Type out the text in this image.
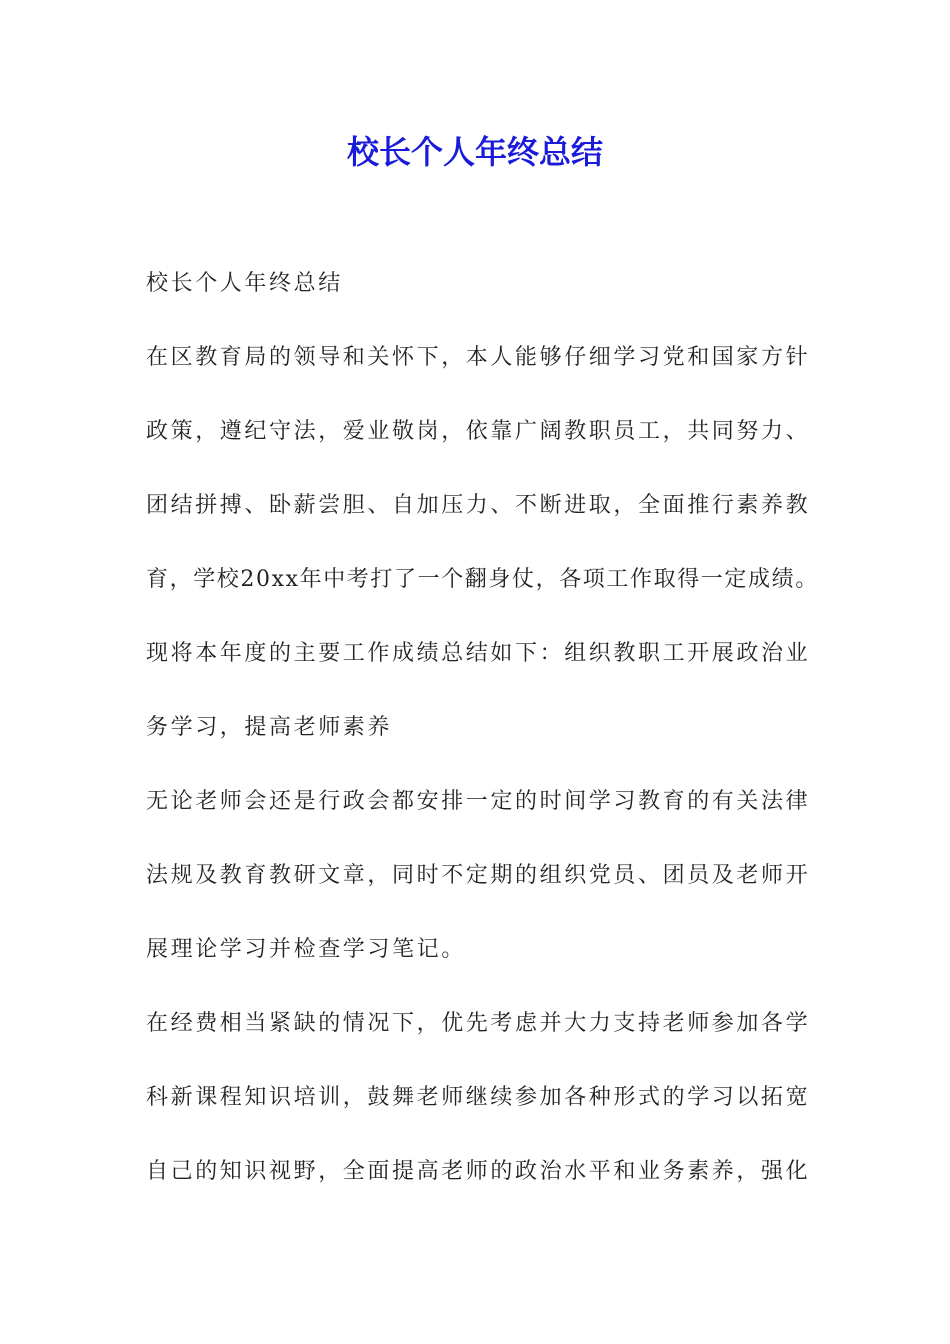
校长个人年终总结
校长个人年终总结
在区教育局的领导和关怀下，本人能够仔细学习党和国家方针
政策，遵纪守法，爱业敬岗，依靠广阔教职员工，共同努力、
团结拼搏、卧薪尝胆、自加压力、不断进取，全面推行素养教
育，学校20xx年中考打了一个翻身仗，各项工作取得一定成绩。
现将本年度的主要工作成绩总结如下：组织教职工开展政治业
务学习，提高老师素养
无论老师会还是行政会都安排一定的时间学习教育的有关法律
法规及教育教研文章，同时不定期的组织党员、团员及老师开
展理论学习并检查学习笔记。
在经费相当紧缺的情况下，优先考虑并大力支持老师参加各学
科新课程知识培训，鼓舞老师继续参加各种形式的学习以拓宽
自己的知识视野，全面提高老师的政治水平和业务素养，强化
